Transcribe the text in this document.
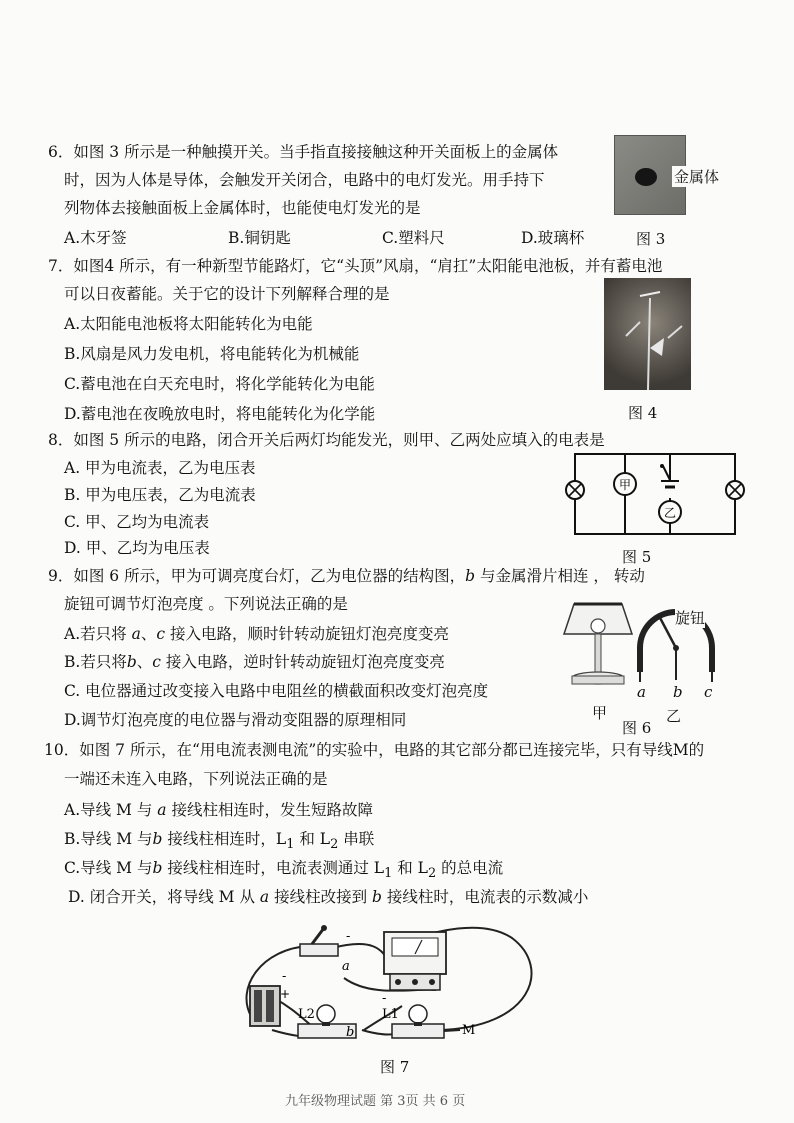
6．如图 3 所示是一种触摸开关。当手指直接接触这种开关面板上的金属体
时，因为人体是导体，会触发开关闭合，电路中的电灯发光。用手持下
列物体去接触面板上金属体时，也能使电灯发光的是
A.木牙签	B.铜钥匙	C.塑料尺	D.玻璃杯
金属体
图 3
7．如图4 所示，有一种新型节能路灯，它“头顶”风扇，“肩扛”太阳能电池板，并有蓄电池
可以日夜蓄能。关于它的设计下列解释合理的是
A.太阳能电池板将太阳能转化为电能
B.风扇是风力发电机，将电能转化为机械能
C.蓄电池在白天充电时，将化学能转化为电能
D.蓄电池在夜晚放电时，将电能转化为化学能	图 4
8．如图 5 所示的电路，闭合开关后两灯均能发光，则甲、乙两处应填入的电表是
A. 甲为电流表，乙为电压表
B. 甲为电压表，乙为电流表
C. 甲、乙均为电流表
D. 甲、乙均为电压表
甲
乙
图 5
9．如图 6 所示，甲为可调亮度台灯，乙为电位器的结构图，b 与金属滑片相连 ， 转动
旋钮可调节灯泡亮度 。下列说法正确的是
A.若只将 a、c 接入电路，顺时针转动旋钮灯泡亮度变亮
B.若只将b、c 接入电路，逆时针转动旋钮灯泡亮度变亮
C. 电位器通过改变接入电路中电阻丝的横截面积改变灯泡亮度
D.调节灯泡亮度的电位器与滑动变阻器的原理相同	甲
旋钮
a b c
乙
图 6
10．如图 7 所示，在“用电流表测电流”的实验中，电路的其它部分都已连接完毕，只有导线M的
一端还未连入电路，下列说法正确的是
A.导线 M 与 a 接线柱相连时，发生短路故障
B.导线 M 与b 接线柱相连时，$L_1$ 和 $L_2$ 串联
C.导线 M 与b 接线柱相连时，电流表测通过 $L_1$ 和 $L_2$ 的总电流
D. 闭合开关，将导线 M 从 a 接线柱改接到 b 接线柱时，电流表的示数减小
-
a
+
-
-
b
L2	L1
M
图 7
九年级物理试题 第 3页 共 6 页
